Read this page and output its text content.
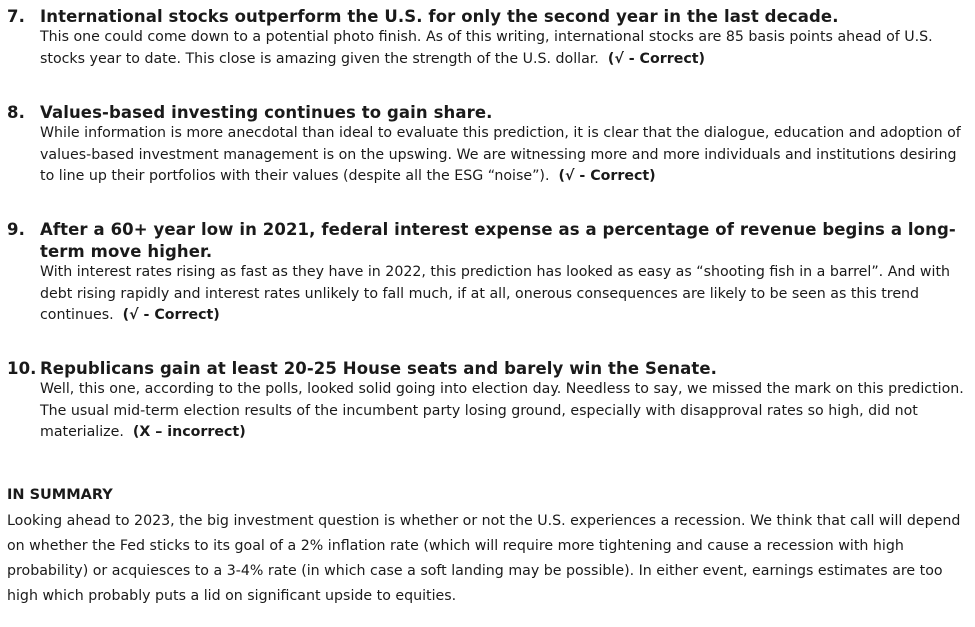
7. International stocks outperform the U.S. for only the second year in the last decade.
This one could come down to a potential photo finish. As of this writing, international stocks are 85 basis points ahead of U.S. stocks year to date. This close is amazing given the strength of the U.S. dollar. (√ - Correct)
8. Values-based investing continues to gain share.
While information is more anecdotal than ideal to evaluate this prediction, it is clear that the dialogue, education and adoption of values-based investment management is on the upswing. We are witnessing more and more individuals and institutions desiring to line up their portfolios with their values (despite all the ESG “noise”). (√ - Correct)
9. After a 60+ year low in 2021, federal interest expense as a percentage of revenue begins a long-term move higher.
With interest rates rising as fast as they have in 2022, this prediction has looked as easy as “shooting fish in a barrel”. And with debt rising rapidly and interest rates unlikely to fall much, if at all, onerous consequences are likely to be seen as this trend continues. (√ - Correct)
10. Republicans gain at least 20-25 House seats and barely win the Senate.
Well, this one, according to the polls, looked solid going into election day. Needless to say, we missed the mark on this prediction. The usual mid-term election results of the incumbent party losing ground, especially with disapproval rates so high, did not materialize. (X – incorrect)
IN SUMMARY
Looking ahead to 2023, the big investment question is whether or not the U.S. experiences a recession. We think that call will depend on whether the Fed sticks to its goal of a 2% inflation rate (which will require more tightening and cause a recession with high probability) or acquiesces to a 3-4% rate (in which case a soft landing may be possible). In either event, earnings estimates are too high which probably puts a lid on significant upside to equities.
